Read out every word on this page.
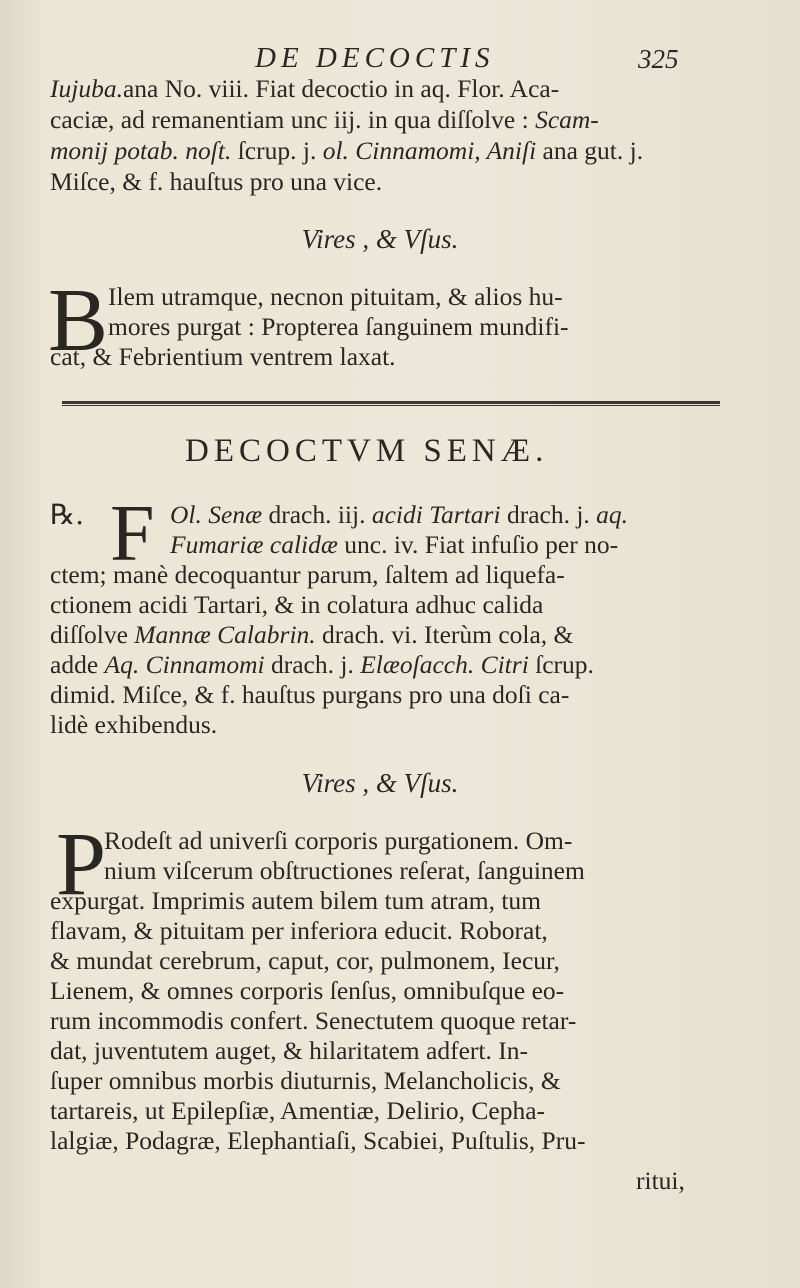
DE DECOCTIS	325
Iujuba.ana No. viii. Fiat decoctio in aq. Flor. Aca-
caciæ, ad remanentiam unc iij. in qua diſſolve : Scam-
monij potab. noſt. ſcrup. j. ol. Cinnamomi, Aniſi ana gut. j.
Miſce, & f. hauſtus pro una vice.
Vires , & Vſus.
B Ilem utramque, necnon pituitam, & alios hu-
mores purgat : Propterea ſanguinem mundifi-
cat, & Febrientium ventrem laxat.
DECOCTVM SENÆ.
℞. F Ol. Senæ drach. iij. acidi Tartari drach. j. aq.
Fumariæ calidæ unc. iv. Fiat infuſio per no-
ctem; manè decoquantur parum, ſaltem ad liquefa-
ctionem acidi Tartari, & in colatura adhuc calida
diſſolve Mannæ Calabrin. drach. vi. Iterùm cola, &
adde Aq. Cinnamomi drach. j. Elæoſacch. Citri ſcrup.
dimid. Miſce, & f. hauſtus purgans pro una doſi ca-
lidè exhibendus.
Vires , & Vſus.
P
Rodeſt ad univerſi corporis purgationem. Om-
nium viſcerum obſtructiones reſerat, ſanguinem
expurgat. Imprimis autem bilem tum atram, tum
flavam, & pituitam per inferiora educit. Roborat,
& mundat cerebrum, caput, cor, pulmonem, Iecur,
Lienem, & omnes corporis ſenſus, omnibuſque eo-
rum incommodis confert. Senectutem quoque retar-
dat, juventutem auget, & hilaritatem adfert. In-
ſuper omnibus morbis diuturnis, Melancholicis, &
tartareis, ut Epilepſiæ, Amentiæ, Delirio, Cepha-
lalgiæ, Podagræ, Elephantiaſi, Scabiei, Puſtulis, Pru-
ritui,
